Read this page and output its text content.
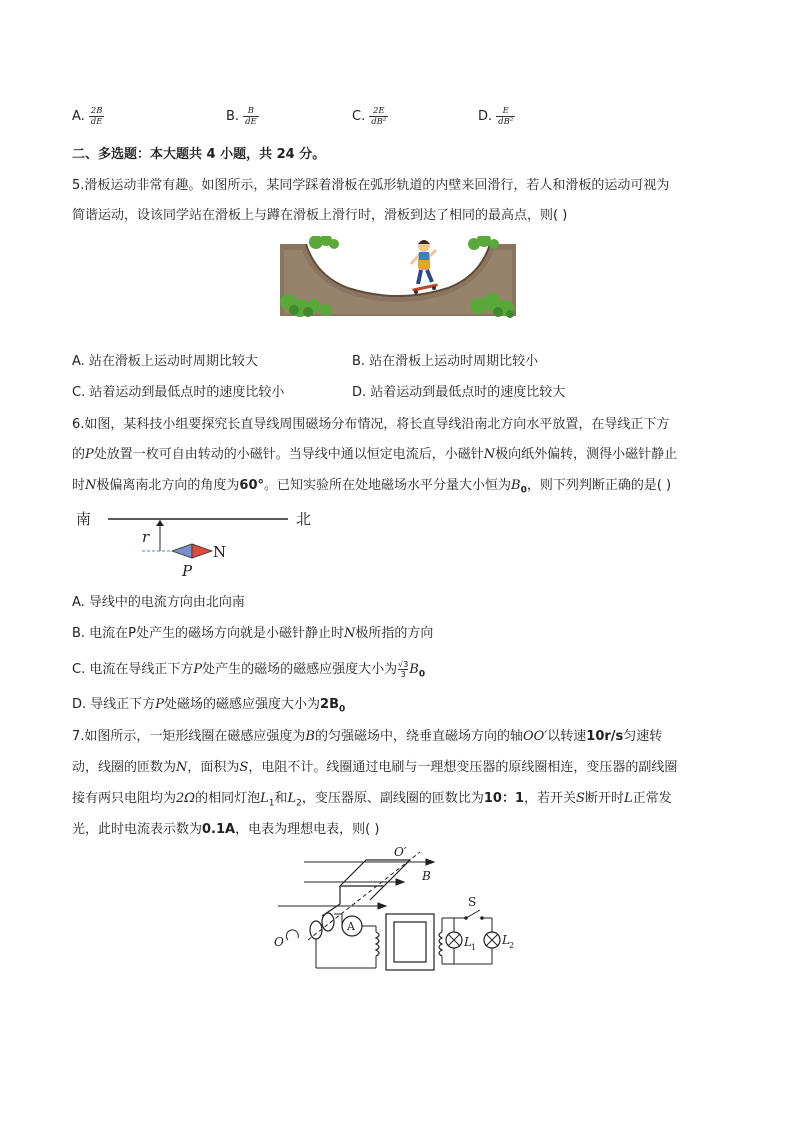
A. $\frac{2B}{dE}$	B. $\frac{B}{dE}$	C. $\frac{2E}{\text{dB²}}$	D. $\frac{E}{\text{dB²}}$
二、多选题：本大题共 4 小题，共 24 分。
5.滑板运动非常有趣。如图所示，某同学踩着滑板在弧形轨道的内壁来回滑行，若人和滑板的运动可视为
简谐运动，设该同学站在滑板上与蹲在滑板上滑行时，滑板到达了相同的最高点，则( )
A. 站在滑板上运动时周期比较大	B. 站在滑板上运动时周期比较小
C. 站着运动到最低点时的速度比较小	D. 站着运动到最低点时的速度比较大
6.如图，某科技小组要探究长直导线周围磁场分布情况，将长直导线沿南北方向水平放置，在导线正下方
的P处放置一枚可自由转动的小磁针。当导线中通以恒定电流后，小磁针N极向纸外偏转，测得小磁针静止
时N极偏离南北方向的角度为60°。已知实验所在处地磁场水平分量大小恒为$B_0$，则下列判断正确的是( )
南	北
r
N
P
A. 导线中的电流方向由北向南
B. 电流在P处产生的磁场方向就是小磁针静止时N极所指的方向
C. 电流在导线正下方P处产生的磁场的磁感应强度大小为 $\frac{√3}{3} B_0$
D. 导线正下方P处磁场的磁感应强度大小为$2B_0$
7.如图所示，一矩形线圈在磁感应强度为B的匀强磁场中，绕垂直磁场方向的轴OO′以转速10r/s匀速转
动，线圈的匝数为N，面积为S，电阻不计。线圈通过电刷与一理想变压器的原线圈相连，变压器的副线圈
接有两只电阻均为2Ω的相同灯泡$L_1$和$L_2$，变压器原、副线圈的匝数比为10：1，若开关S断开时L正常发
光，此时电流表示数为0.1A，电表为理想电表，则( )
O′
B
O
A
S
L 1
L 2
